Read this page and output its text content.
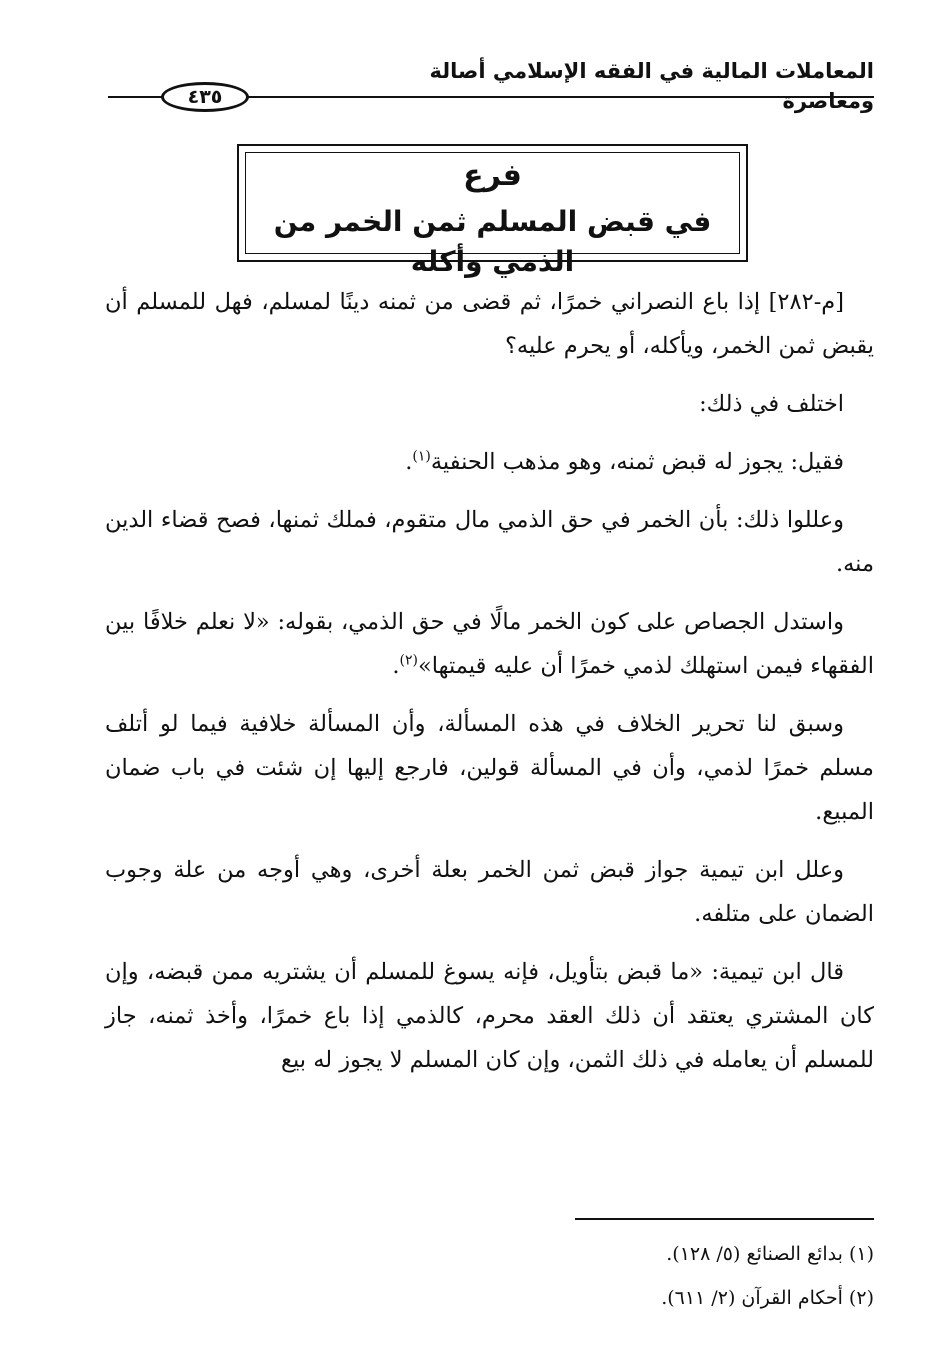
المعاملات المالية في الفقه الإسلامي أصالة ومعاصرة
٤٣٥
فرع
في قبض المسلم ثمن الخمر من الذمي وأكله

[م-٢٨٢] إذا باع النصراني خمرًا، ثم قضى من ثمنه دينًا لمسلم، فهل للمسلم أن يقبض ثمن الخمر، ويأكله، أو يحرم عليه؟

اختلف في ذلك:

فقيل: يجوز له قبض ثمنه، وهو مذهب الحنفية$^{(١)}$.

وعللوا ذلك: بأن الخمر في حق الذمي مال متقوم، فملك ثمنها، فصح قضاء الدين منه.

واستدل الجصاص على كون الخمر مالًا في حق الذمي، بقوله: «لا نعلم خلافًا بين الفقهاء فيمن استهلك لذمي خمرًا أن عليه قيمتها»$^{(٢)}$.

وسبق لنا تحرير الخلاف في هذه المسألة، وأن المسألة خلافية فيما لو أتلف مسلم خمرًا لذمي، وأن في المسألة قولين، فارجع إليها إن شئت في باب ضمان المبيع.

وعلل ابن تيمية جواز قبض ثمن الخمر بعلة أخرى، وهي أوجه من علة وجوب الضمان على متلفه.

قال ابن تيمية: «ما قبض بتأويل، فإنه يسوغ للمسلم أن يشتريه ممن قبضه، وإن كان المشتري يعتقد أن ذلك العقد محرم، كالذمي إذا باع خمرًا، وأخذ ثمنه، جاز للمسلم أن يعامله في ذلك الثمن، وإن كان المسلم لا يجوز له بيع

(١) بدائع الصنائع (٥/ ١٢٨).

(٢) أحكام القرآن (٢/ ٦١١).
